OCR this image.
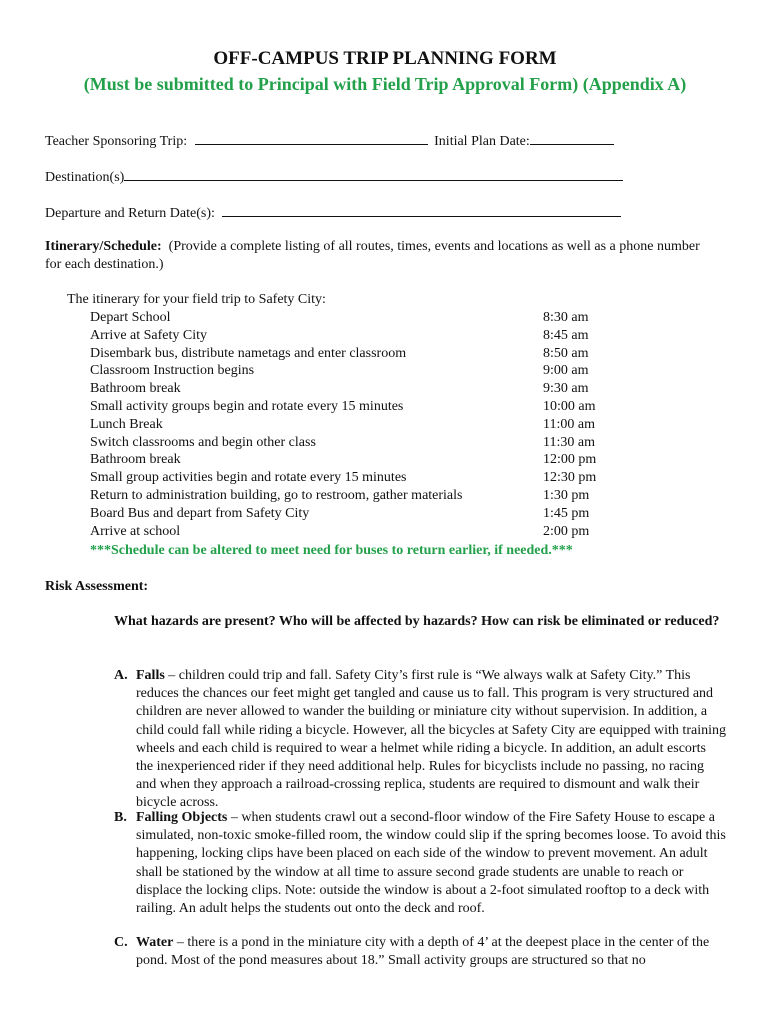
OFF-CAMPUS TRIP PLANNING FORM
(Must be submitted to Principal with Field Trip Approval Form) (Appendix A)
Teacher Sponsoring Trip:	Initial Plan Date:
Destination(s)
Departure and Return Date(s):
Itinerary/Schedule: (Provide a complete listing of all routes, times, events and locations as well as a phone number for each destination.)
The itinerary for your field trip to Safety City:
Depart School	8:30 am
Arrive at Safety City	8:45 am
Disembark bus, distribute nametags and enter classroom	8:50 am
Classroom Instruction begins	9:00 am
Bathroom break	9:30 am
Small activity groups begin and rotate every 15 minutes	10:00 am
Lunch Break	11:00 am
Switch classrooms and begin other class	11:30 am
Bathroom break	12:00 pm
Small group activities begin and rotate every 15 minutes	12:30 pm
Return to administration building, go to restroom, gather materials	1:30 pm
Board Bus and depart from Safety City	1:45 pm
Arrive at school	2:00 pm
***Schedule can be altered to meet need for buses to return earlier, if needed.***
Risk Assessment:
What hazards are present? Who will be affected by hazards? How can risk be eliminated or reduced?
A. Falls – children could trip and fall. Safety City’s first rule is “We always walk at Safety City.” This reduces the chances our feet might get tangled and cause us to fall. This program is very structured and children are never allowed to wander the building or miniature city without supervision. In addition, a child could fall while riding a bicycle. However, all the bicycles at Safety City are equipped with training wheels and each child is required to wear a helmet while riding a bicycle. In addition, an adult escorts the inexperienced rider if they need additional help. Rules for bicyclists include no passing, no racing and when they approach a railroad-crossing replica, students are required to dismount and walk their bicycle across.
B. Falling Objects – when students crawl out a second-floor window of the Fire Safety House to escape a simulated, non-toxic smoke-filled room, the window could slip if the spring becomes loose. To avoid this happening, locking clips have been placed on each side of the window to prevent movement. An adult shall be stationed by the window at all time to assure second grade students are unable to reach or displace the locking clips. Note: outside the window is about a 2-foot simulated rooftop to a deck with railing. An adult helps the students out onto the deck and roof.
C. Water – there is a pond in the miniature city with a depth of 4’ at the deepest place in the center of the pond. Most of the pond measures about 18.” Small activity groups are structured so that no
